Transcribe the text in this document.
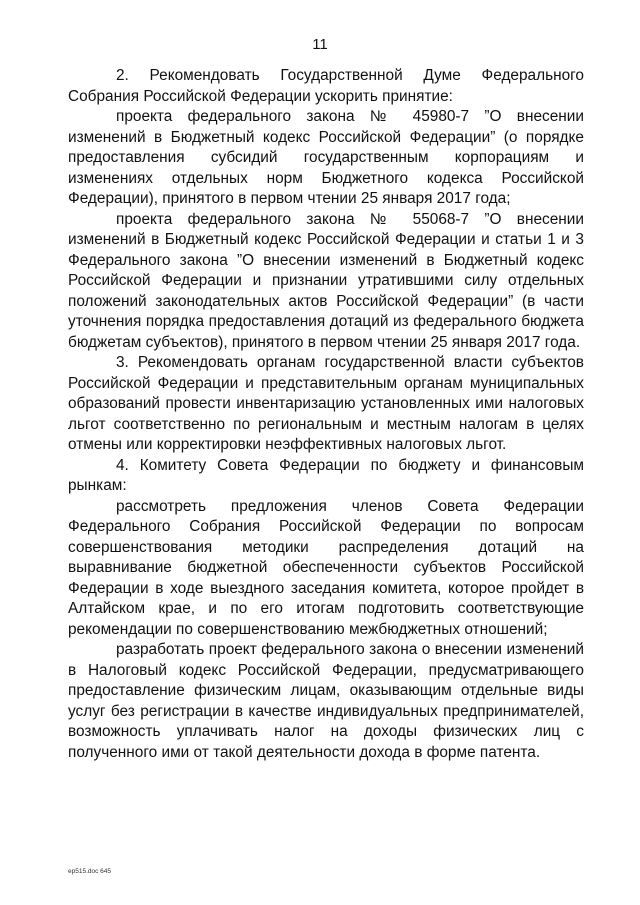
11

2. Рекомендовать Государственной Думе Федерального Собрания Российской Федерации ускорить принятие:

проекта федерального закона № 45980-7 ”О внесении изменений в Бюджетный кодекс Российской Федерации” (о порядке предоставления субсидий государственным корпорациям и изменениях отдельных норм Бюджетного кодекса Российской Федерации), принятого в первом чтении 25 января 2017 года;

проекта федерального закона № 55068-7 ”О внесении изменений в Бюджетный кодекс Российской Федерации и статьи 1 и 3 Федерального закона ”О внесении изменений в Бюджетный кодекс Российской Федерации и признании утратившими силу отдельных положений законодательных актов Российской Федерации” (в части уточнения порядка предоставления дотаций из федерального бюджета бюджетам субъектов), принятого в первом чтении 25 января 2017 года.

3. Рекомендовать органам государственной власти субъектов Российской Федерации и представительным органам муниципальных образований провести инвентаризацию установленных ими налоговых льгот соответственно по региональным и местным налогам в целях отмены или корректировки неэффективных налоговых льгот.

4. Комитету Совета Федерации по бюджету и финансовым рынкам:

рассмотреть предложения членов Совета Федерации Федерального Собрания Российской Федерации по вопросам совершенствования методики распределения дотаций на выравнивание бюджетной обеспеченности субъектов Российской Федерации в ходе выездного заседания комитета, которое пройдет в Алтайском крае, и по его итогам подготовить соответствующие рекомендации по совершенствованию межбюджетных отношений;

разработать проект федерального закона о внесении изменений в Налоговый кодекс Российской Федерации, предусматривающего предоставление физическим лицам, оказывающим отдельные виды услуг без регистрации в качестве индивидуальных предпринимателей, возможность уплачивать налог на доходы физических лиц с полученного ими от такой деятельности дохода в форме патента.

ep515.doc 645
